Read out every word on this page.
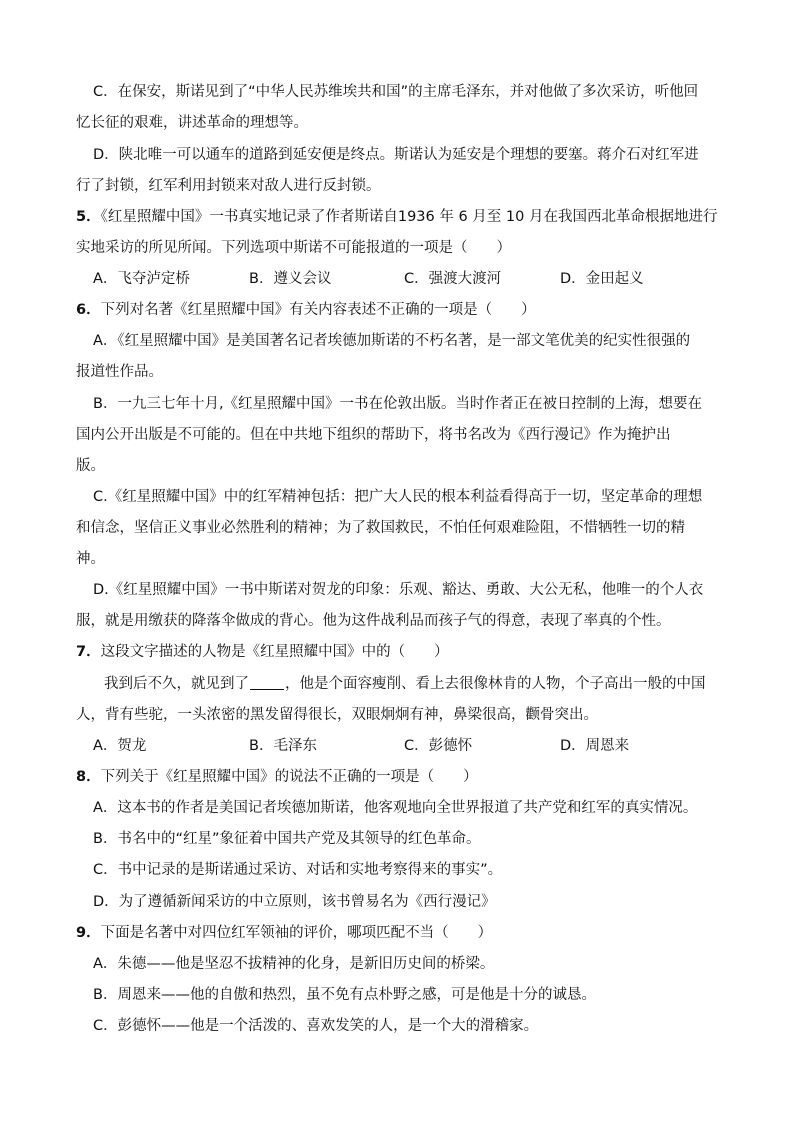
C．在保安，斯诺见到了“中华人民苏维埃共和国”的主席毛泽东，并对他做了多次采访，听他回
忆长征的艰难，讲述革命的理想等。
D．陕北唯一可以通车的道路到延安便是终点。斯诺认为延安是个理想的要塞。蒋介石对红军进
行了封锁，红军利用封锁来对敌人进行反封锁。
5．《红星照耀中国》一书真实地记录了作者斯诺自1936 年 6 月至 10 月在我国西北革命根据地进行
实地采访的所见所闻。下列选项中斯诺不可能报道的一项是（　　）
A．飞夺泸定桥	B．遵义会议	C．强渡大渡河	D．金田起义
6．下列对名著《红星照耀中国》有关内容表述不正确的一项是（　　）
A．《红星照耀中国》是美国著名记者埃德加斯诺的不朽名著，是一部文笔优美的纪实性很强的
报道性作品。
B．一九三七年十月,《红星照耀中国》一书在伦敦出版。当时作者正在被日控制的上海，想要在
国内公开出版是不可能的。但在中共地下组织的帮助下，将书名改为《西行漫记》作为掩护出
版。
C.《红星照耀中国》中的红军精神包括：把广大人民的根本利益看得高于一切，坚定革命的理想
和信念，坚信正义事业必然胜利的精神；为了救国救民，不怕任何艰难险阻，不惜牺牲一切的精
神。
D.《红星照耀中国》一书中斯诺对贺龙的印象：乐观、豁达、勇敢、大公无私，他唯一的个人衣
服，就是用缴获的降落伞做成的背心。他为这件战利品而孩子气的得意，表现了率真的个性。
7．这段文字描述的人物是《红星照耀中国》中的（　　）
我到后不久，就见到了 ，他是个面容瘦削、看上去很像林肯的人物，个子高出一般的中国
人，背有些驼，一头浓密的黑发留得很长，双眼炯炯有神，鼻梁很高，颧骨突出。
A．贺龙	B．毛泽东	C．彭德怀	D．周恩来
8．下列关于《红星照耀中国》的说法不正确的一项是（　　）
A．这本书的作者是美国记者埃德加斯诺，他客观地向全世界报道了共产党和红军的真实情况。
B．书名中的“红星”象征着中国共产党及其领导的红色革命。
C．书中记录的是斯诺通过采访、对话和实地考察得来的事实”。
D．为了遵循新闻采访的中立原则，该书曾易名为《西行漫记》
9．下面是名著中对四位红军领袖的评价，哪项匹配不当（　　）
A．朱德——他是坚忍不拔精神的化身，是新旧历史间的桥梁。
B．周恩来——他的自傲和热烈，虽不免有点朴野之感，可是他是十分的诚恳。
C．彭德怀——他是一个活泼的、喜欢发笑的人，是一个大的滑稽家。
